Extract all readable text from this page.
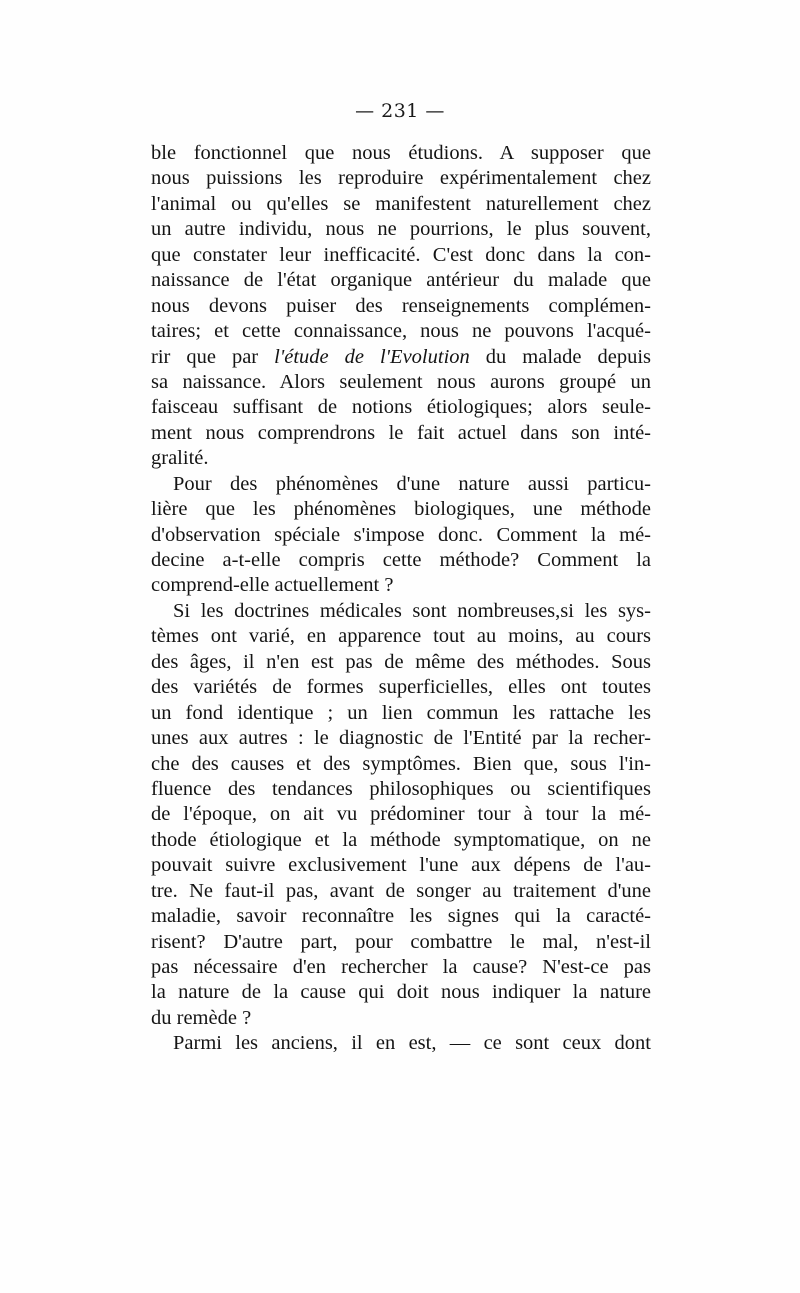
— 231 —
ble fonctionnel que nous étudions. A supposer que
nous puissions les reproduire expérimentalement chez
l'animal ou qu'elles se manifestent naturellement chez
un autre individu, nous ne pourrions, le plus souvent,
que constater leur inefficacité. C'est donc dans la con-
naissance de l'état organique antérieur du malade que
nous devons puiser des renseignements complémen-
taires; et cette connaissance, nous ne pouvons l'acqué-
rir que par l'étude de l'Evolution du malade depuis
sa naissance. Alors seulement nous aurons groupé un
faisceau suffisant de notions étiologiques; alors seule-
ment nous comprendrons le fait actuel dans son inté-
gralité.
Pour des phénomènes d'une nature aussi particu-
lière que les phénomènes biologiques, une méthode
d'observation spéciale s'impose donc. Comment la mé-
decine a-t-elle compris cette méthode? Comment la
comprend-elle actuellement ?
Si les doctrines médicales sont nombreuses,si les sys-
tèmes ont varié, en apparence tout au moins, au cours
des âges, il n'en est pas de même des méthodes. Sous
des variétés de formes superficielles, elles ont toutes
un fond identique ; un lien commun les rattache les
unes aux autres : le diagnostic de l'Entité par la recher-
che des causes et des symptômes. Bien que, sous l'in-
fluence des tendances philosophiques ou scientifiques
de l'époque, on ait vu prédominer tour à tour la mé-
thode étiologique et la méthode symptomatique, on ne
pouvait suivre exclusivement l'une aux dépens de l'au-
tre. Ne faut-il pas, avant de songer au traitement d'une
maladie, savoir reconnaître les signes qui la caracté-
risent? D'autre part, pour combattre le mal, n'est-il
pas nécessaire d'en rechercher la cause? N'est-ce pas
la nature de la cause qui doit nous indiquer la nature
du remède ?
Parmi les anciens, il en est, — ce sont ceux dont
